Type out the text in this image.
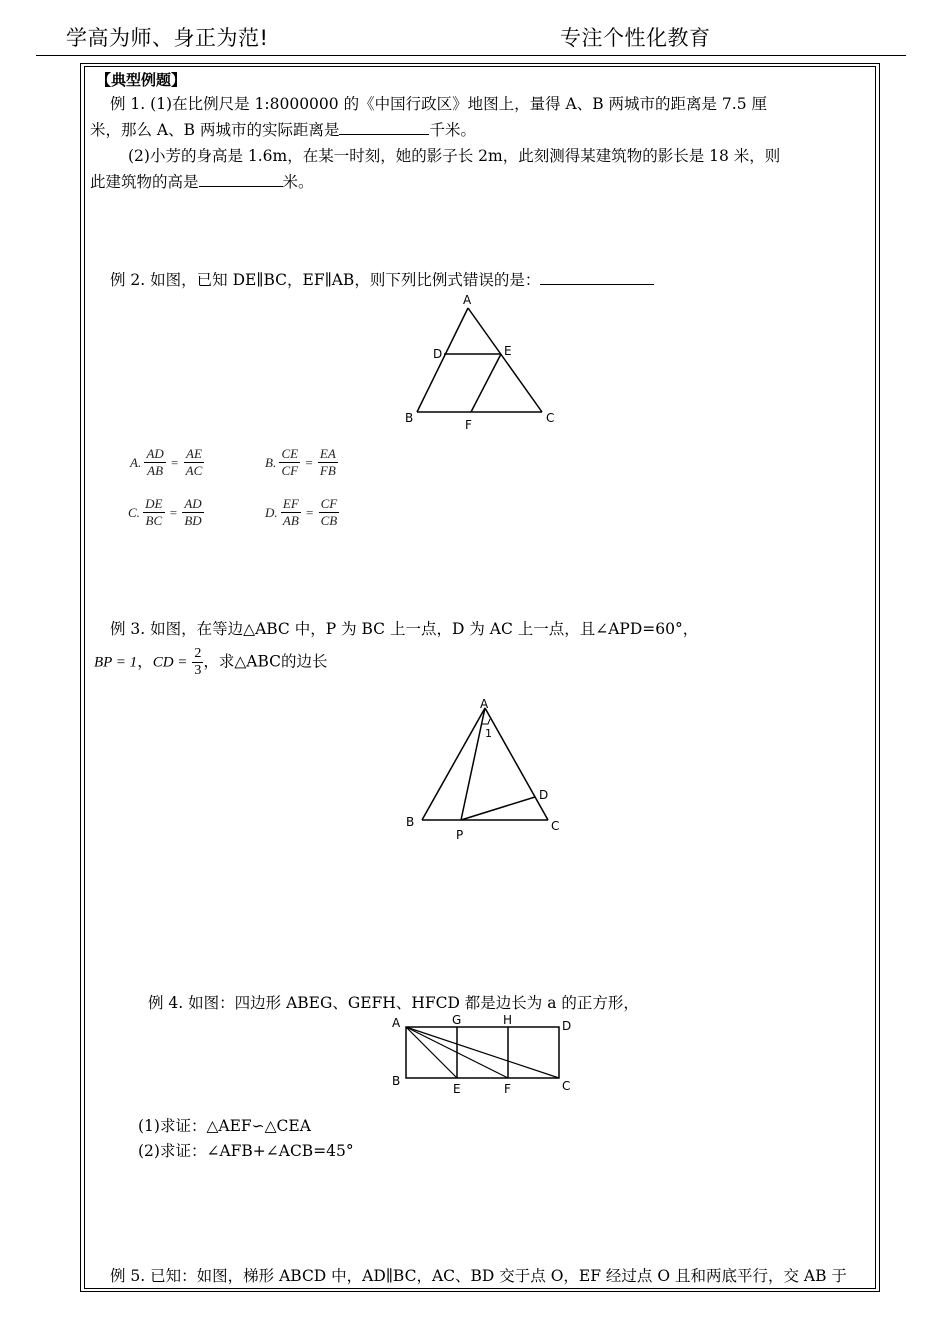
学高为师、身正为范!	专注个性化教育
【典型例题】
例 1. (1)在比例尺是 1:8000000 的《中国行政区》地图上，量得 A、B 两城市的距离是 7.5 厘
米，那么 A、B 两城市的实际距离是	千米。
(2)小芳的身高是 1.6m，在某一时刻，她的影子长 2m，此刻测得某建筑物的影长是 18 米，则
此建筑物的高是	米。
例 2. 如图，已知 DE∥BC，EF∥AB，则下列比例式错误的是：
A
D	E
B	C
F
A. $\frac{AD}{AB} = \frac{AE}{AC}$	B. $\frac{CE}{CF} = \frac{EA}{FB}$
C. $\frac{DE}{BC} = \frac{AD}{BD}$	D. $\frac{EF}{AB} = \frac{CF}{CB}$
例 3. 如图，在等边△ABC 中，P 为 BC 上一点，D 为 AC 上一点，且∠APD=60°，
BP = 1，CD = $\frac{2}{3}$ ，求△ABC的边长
A
1
B	C
D
P
例 4. 如图：四边形 ABEG、GEFH、HFCD 都是边长为 a 的正方形，
A	G	H	D
B
E	F	C
(1)求证：△AEF∽△CEA
(2)求证：∠AFB+∠ACB=45°
例 5. 已知：如图，梯形 ABCD 中，AD∥BC，AC、BD 交于点 O，EF 经过点 O 且和两底平行，交 AB 于
